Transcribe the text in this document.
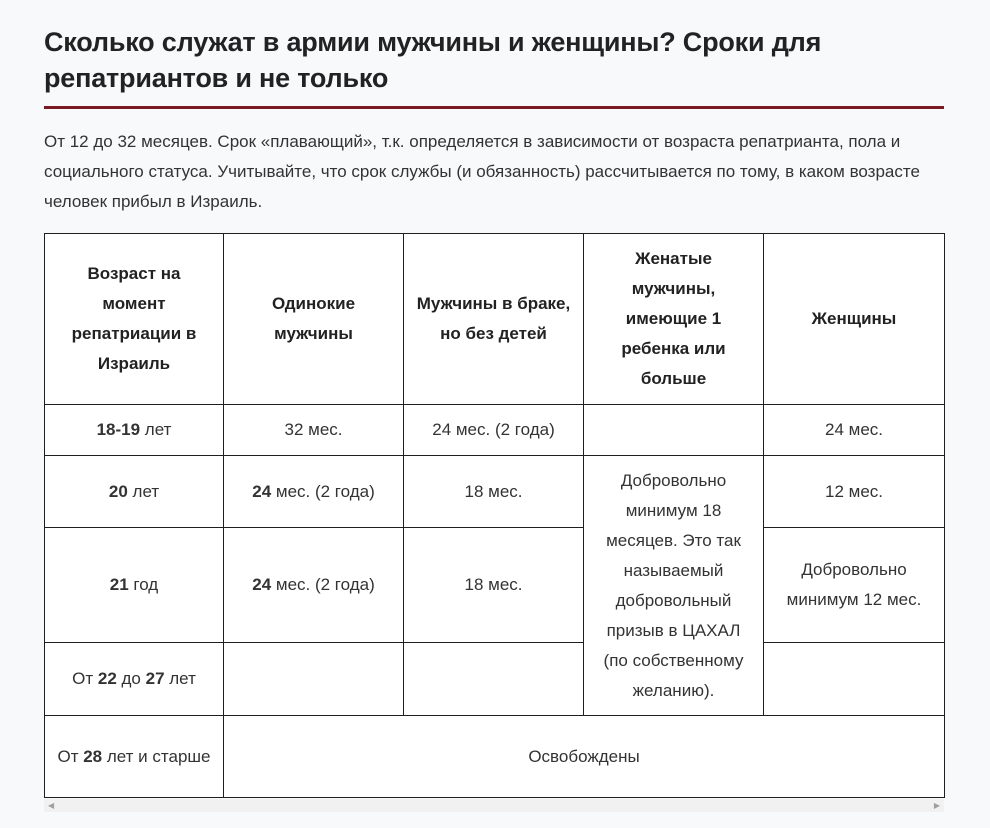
Сколько служат в армии мужчины и женщины? Сроки для репатриантов и не только

От 12 до 32 месяцев. Срок «плавающий», т.к. определяется в зависимости от возраста репатрианта, пола и социального статуса. Учитывайте, что срок службы (и обязанность) рассчитывается по тому, в каком возрасте человек прибыл в Израиль.

Возраст на момент репатриации в Израиль	Одинокие мужчины	Мужчины в браке, но без детей	Женатые мужчины, имеющие 1 ребенка или больше	Женщины
18-19 лет	32 мес.	24 мес. (2 года)		24 мес.
20 лет	24 мес. (2 года)	18 мес.	Добровольно минимум 18 месяцев. Это так называемый добровольный призыв в ЦАХАЛ (по собственному желанию).	12 мес.
21 год	24 мес. (2 года)	18 мес.		Добровольно минимум 12 мес.
От 22 до 27 лет				
От 28 лет и старше	Освобождены			
◀	▶
